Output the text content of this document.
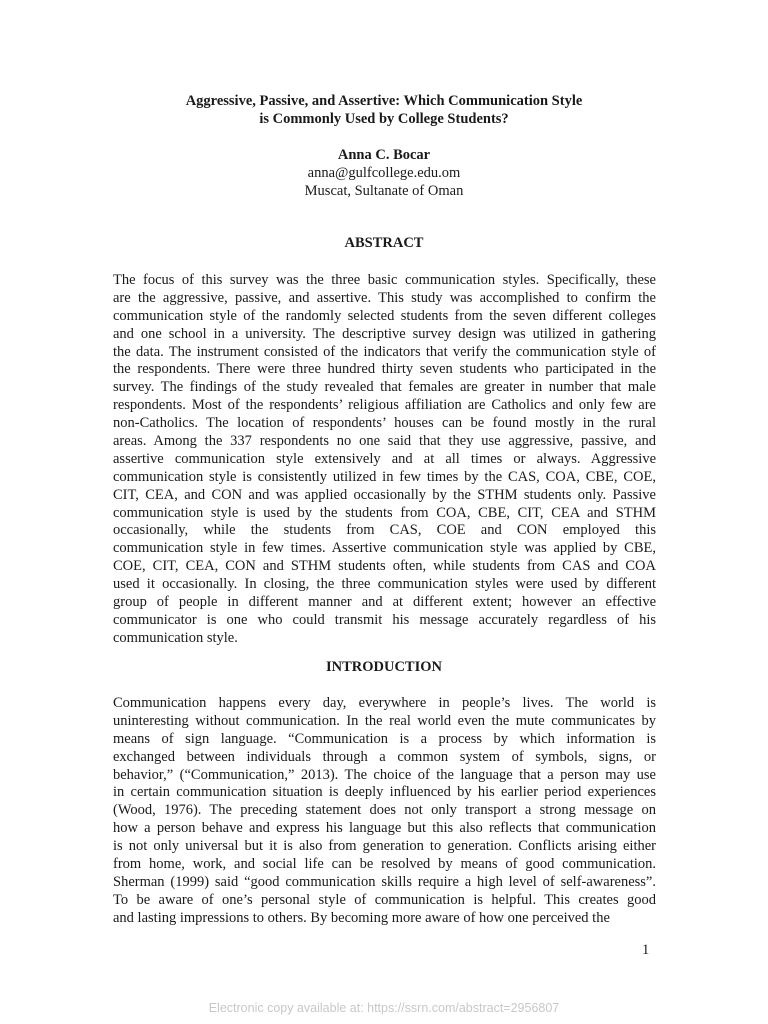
Aggressive, Passive, and Assertive: Which Communication Style
is Commonly Used by College Students?
Anna C. Bocar
anna@gulfcollege.edu.om
Muscat, Sultanate of Oman
ABSTRACT
The focus of this survey was the three basic communication styles. Specifically, these
are the aggressive, passive, and assertive. This study was accomplished to confirm the
communication style of the randomly selected students from the seven different colleges
and one school in a university. The descriptive survey design was utilized in gathering
the data. The instrument consisted of the indicators that verify the communication style of
the respondents. There were three hundred thirty seven students who participated in the
survey. The findings of the study revealed that females are greater in number that male
respondents. Most of the respondents’ religious affiliation are Catholics and only few are
non-Catholics. The location of respondents’ houses can be found mostly in the rural
areas. Among the 337 respondents no one said that they use aggressive, passive, and
assertive communication style extensively and at all times or always. Aggressive
communication style is consistently utilized in few times by the CAS, COA, CBE, COE,
CIT, CEA, and CON and was applied occasionally by the STHM students only. Passive
communication style is used by the students from COA, CBE, CIT, CEA and STHM
occasionally, while the students from CAS, COE and CON employed this
communication style in few times. Assertive communication style was applied by CBE,
COE, CIT, CEA, CON and STHM students often, while students from CAS and COA
used it occasionally. In closing, the three communication styles were used by different
group of people in different manner and at different extent; however an effective
communicator is one who could transmit his message accurately regardless of his
communication style.
INTRODUCTION
Communication happens every day, everywhere in people’s lives. The world is
uninteresting without communication. In the real world even the mute communicates by
means of sign language. “Communication is a process by which information is
exchanged between individuals through a common system of symbols, signs, or
behavior,” (“Communication,” 2013). The choice of the language that a person may use
in certain communication situation is deeply influenced by his earlier period experiences
(Wood, 1976). The preceding statement does not only transport a strong message on
how a person behave and express his language but this also reflects that communication
is not only universal but it is also from generation to generation. Conflicts arising either
from home, work, and social life can be resolved by means of good communication.
Sherman (1999) said “good communication skills require a high level of self-awareness”.
To be aware of one’s personal style of communication is helpful. This creates good
and lasting impressions to others. By becoming more aware of how one perceived the
1
Electronic copy available at: https://ssrn.com/abstract=2956807
